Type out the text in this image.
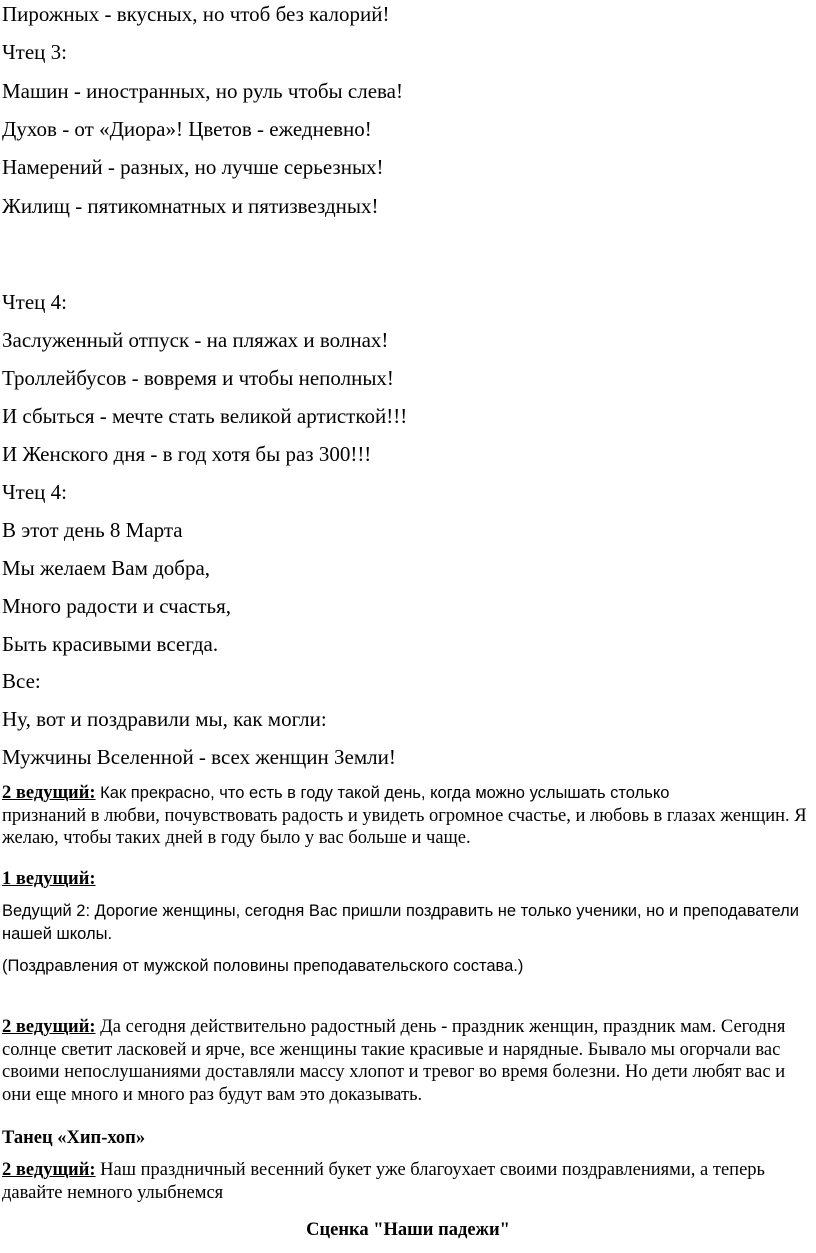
Пирожных - вкусных, но чтоб без калорий!
Чтец 3:
Машин - иностранных, но руль чтобы слева!
Духов - от «Диора»! Цветов - ежедневно!
Намерений - разных, но лучше серьезных!
Жилищ - пятикомнатных и пятизвездных!
Чтец 4:
Заслуженный отпуск - на пляжах и волнах!
Троллейбусов - вовремя и чтобы неполных!
И сбыться - мечте стать великой артисткой!!!
И Женского дня - в год хотя бы раз 300!!!
Чтец 4:
В этот день 8 Марта
Мы желаем Вам добра,
Много радости и счастья,
Быть красивыми всегда.
Все:
Ну, вот и поздравили мы, как могли:
Мужчины Вселенной - всех женщин Земли!
2 ведущий: Как прекрасно, что есть в году такой день, когда можно услышать столько
признаний в любви, почувствовать радость и увидеть огромное счастье, и любовь в глазах женщин. Я желаю, чтобы таких дней в году было у вас больше и чаще.
1 ведущий:
Ведущий 2: Дорогие женщины, сегодня Вас пришли поздравить не только ученики, но и преподаватели нашей школы.
(Поздравления от мужской половины преподавательского состава.)
2 ведущий: Да сегодня действительно радостный день - праздник женщин, праздник мам. Сегодня солнце светит ласковей и ярче, все женщины такие красивые и нарядные. Бывало мы огорчали вас своими непослушаниями доставляли массу хлопот и тревог во время болезни. Но дети любят вас и они еще много и много раз будут вам это доказывать.
Танец «Хип-хоп»
2 ведущий: Наш праздничный весенний букет уже благоухает своими поздравлениями, а теперь давайте немного улыбнемся
Сценка "Наши падежи"
